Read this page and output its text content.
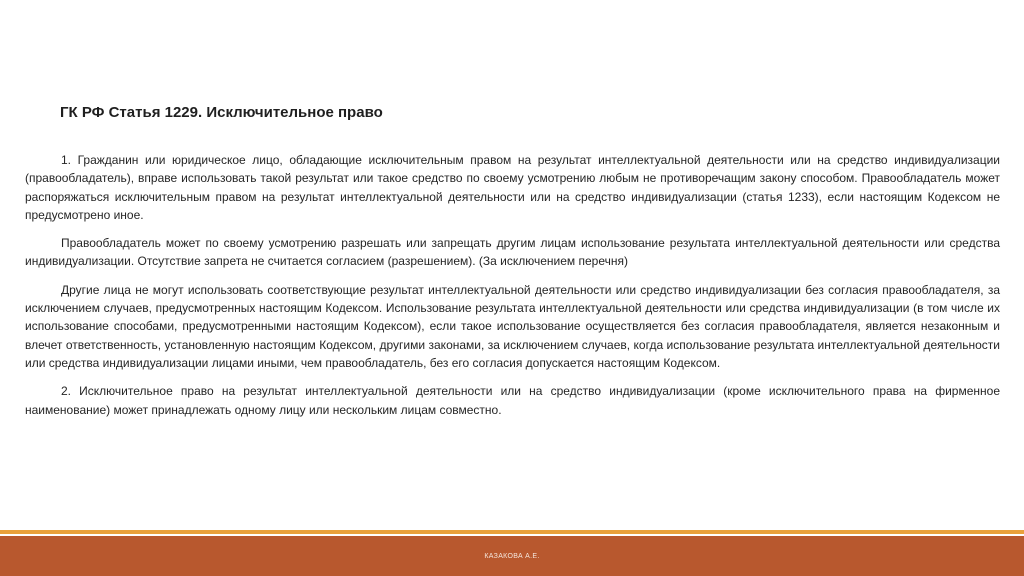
ГК РФ Статья 1229. Исключительное право

1. Гражданин или юридическое лицо, обладающие исключительным правом на результат интеллектуальной деятельности или на средство индивидуализации (правообладатель), вправе использовать такой результат или такое средство по своему усмотрению любым не противоречащим закону способом. Правообладатель может распоряжаться исключительным правом на результат интеллектуальной деятельности или на средство индивидуализации (статья 1233), если настоящим Кодексом не предусмотрено иное.

Правообладатель может по своему усмотрению разрешать или запрещать другим лицам использование результата интеллектуальной деятельности или средства индивидуализации. Отсутствие запрета не считается согласием (разрешением). (За исключением перечня)

Другие лица не могут использовать соответствующие результат интеллектуальной деятельности или средство индивидуализации без согласия правообладателя, за исключением случаев, предусмотренных настоящим Кодексом. Использование результата интеллектуальной деятельности или средства индивидуализации (в том числе их использование способами, предусмотренными настоящим Кодексом), если такое использование осуществляется без согласия правообладателя, является незаконным и влечет ответственность, установленную настоящим Кодексом, другими законами, за исключением случаев, когда использование результата интеллектуальной деятельности или средства индивидуализации лицами иными, чем правообладатель, без его согласия допускается настоящим Кодексом.

2. Исключительное право на результат интеллектуальной деятельности или на средство индивидуализации (кроме исключительного права на фирменное наименование) может принадлежать одному лицу или нескольким лицам совместно.

КАЗАКОВА А.Е.
